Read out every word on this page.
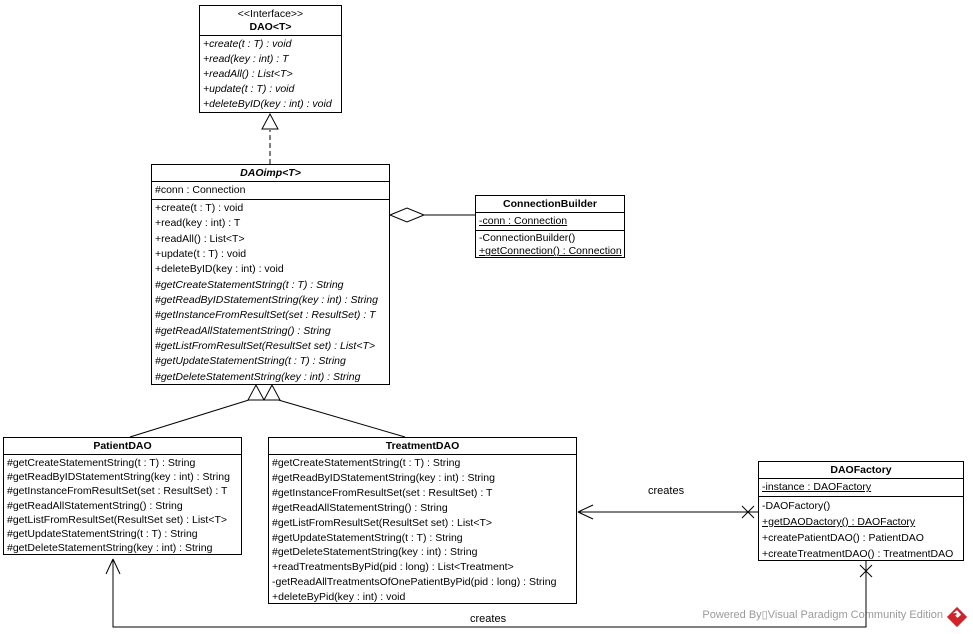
<<Interface>>
DAO<T>
+create(t : T) : void
+read(key : int) : T
+readAll() : List<T>
+update(t : T) : void
+deleteByID(key : int) : void
DAOimp<T>
#conn : Connection
+create(t : T) : void
+read(key : int) : T
+readAll() : List<T>
+update(t : T) : void
+deleteByID(key : int) : void
#getCreateStatementString(t : T) : String
#getReadByIDStatementString(key : int) : String
#getInstanceFromResultSet(set : ResultSet) : T
#getReadAllStatementString() : String
#getListFromResultSet(ResultSet set) : List<T>
#getUpdateStatementString(t : T) : String
#getDeleteStatementString(key : int) : String
ConnectionBuilder
-conn : Connection
-ConnectionBuilder()
+getConnection() : Connection
PatientDAO
#getCreateStatementString(t : T) : String
#getReadByIDStatementString(key : int) : String
#getInstanceFromResultSet(set : ResultSet) : T
#getReadAllStatementString() : String
#getListFromResultSet(ResultSet set) : List<T>
#getUpdateStatementString(t : T) : String
#getDeleteStatementString(key : int) : String
TreatmentDAO
#getCreateStatementString(t : T) : String
#getReadByIDStatementString(key : int) : String
#getInstanceFromResultSet(set : ResultSet) : T
#getReadAllStatementString() : String
#getListFromResultSet(ResultSet set) : List<T>
#getUpdateStatementString(t : T) : String
#getDeleteStatementString(key : int) : String
+readTreatmentsByPid(pid : long) : List<Treatment>
-getReadAllTreatmentsOfOnePatientByPid(pid : long) : String
+deleteByPid(key : int) : void
DAOFactory
-instance : DAOFactory
-DAOFactory()
+getDAODactory() : DAOFactory
+createPatientDAO() : PatientDAO
+createTreatmentDAO() : TreatmentDAO
creates
creates	Powered By▯Visual Paradigm Community Edition
